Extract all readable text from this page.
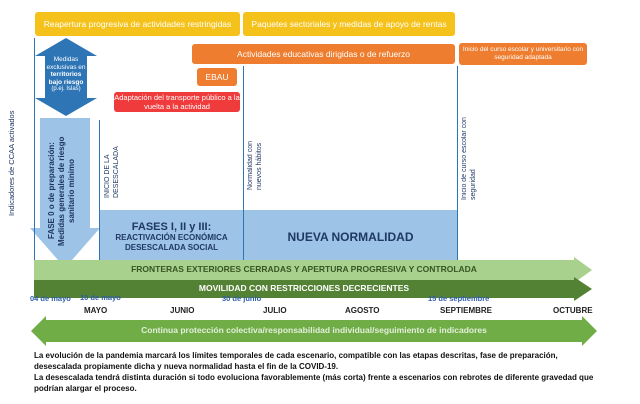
Reapertura progresiva de actividades restringidas Paquetes sectoriales y medidas de apoyo de rentas
Actividades educativas dirigidas o de refuerzo	Inicio del curso escolar y universitario con seguridad adaptada
EBAU
Adaptación del transporte público a la vuelta a la actividad
Indicadores de CCAA activados
Medidas exclusivas en
territorios bajo riesgo
(p.ej. Islas)
FASE 0 o de preparación: Medidas generales de riesgo sanitario mínimo	INICIO DE LA DESESCALADA	Normalidad con nuevos hábitos	Inicio de curso escolar con seguridad
FASES I, II y III:
REACTIVACIÓN ECONÓMICA DESESCALADA SOCIAL
NUEVA NORMALIDAD
FRONTERAS EXTERIORES CERRADAS Y APERTURA PROGRESIVA Y CONTROLADA
MOVILIDAD CON RESTRICCIONES DECRECIENTES
04 de mayo 10 de mayo	30 de junio	15 de septiembre
MAYO	JUNIO	JULIO	AGOSTO	SEPTIEMBRE	OCTUBRE
Continua protección colectiva/responsabilidad individual/seguimiento de indicadores
La evolución de la pandemia marcará los límites temporales de cada escenario, compatible con las etapas descritas, fase de preparación, desescalada propiamente dicha y nueva normalidad hasta el fin de la COVID-19.
La desescalada tendrá distinta duración si todo evoluciona favorablemente (más corta) frente a escenarios con rebrotes de diferente gravedad que podrían alargar el proceso.
